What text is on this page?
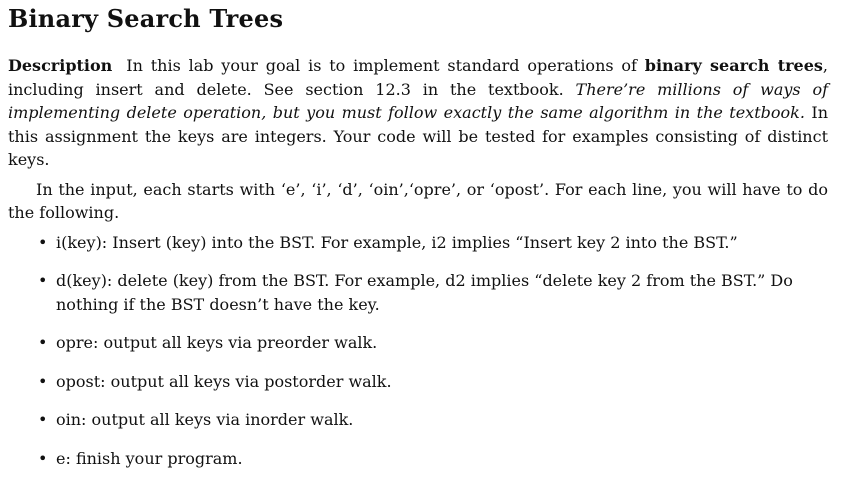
Binary Search Trees

Description In this lab your goal is to implement standard operations of binary search trees, including insert and delete. See section 12.3 in the textbook. There’re millions of ways of implementing delete operation, but you must follow exactly the same algorithm in the textbook. In this assignment the keys are integers. Your code will be tested for examples consisting of distinct keys.

In the input, each starts with ‘e’, ‘i’, ‘d’, ‘oin’,‘opre’, or ‘opost’. For each line, you will have to do the following.

• i(key): Insert (key) into the BST. For example, i2 implies “Insert key 2 into the BST.”
• d(key): delete (key) from the BST. For example, d2 implies “delete key 2 from the BST.” Do nothing if the BST doesn’t have the key.
• opre: output all keys via preorder walk.
• opost: output all keys via postorder walk.
• oin: output all keys via inorder walk.
• e: finish your program.
